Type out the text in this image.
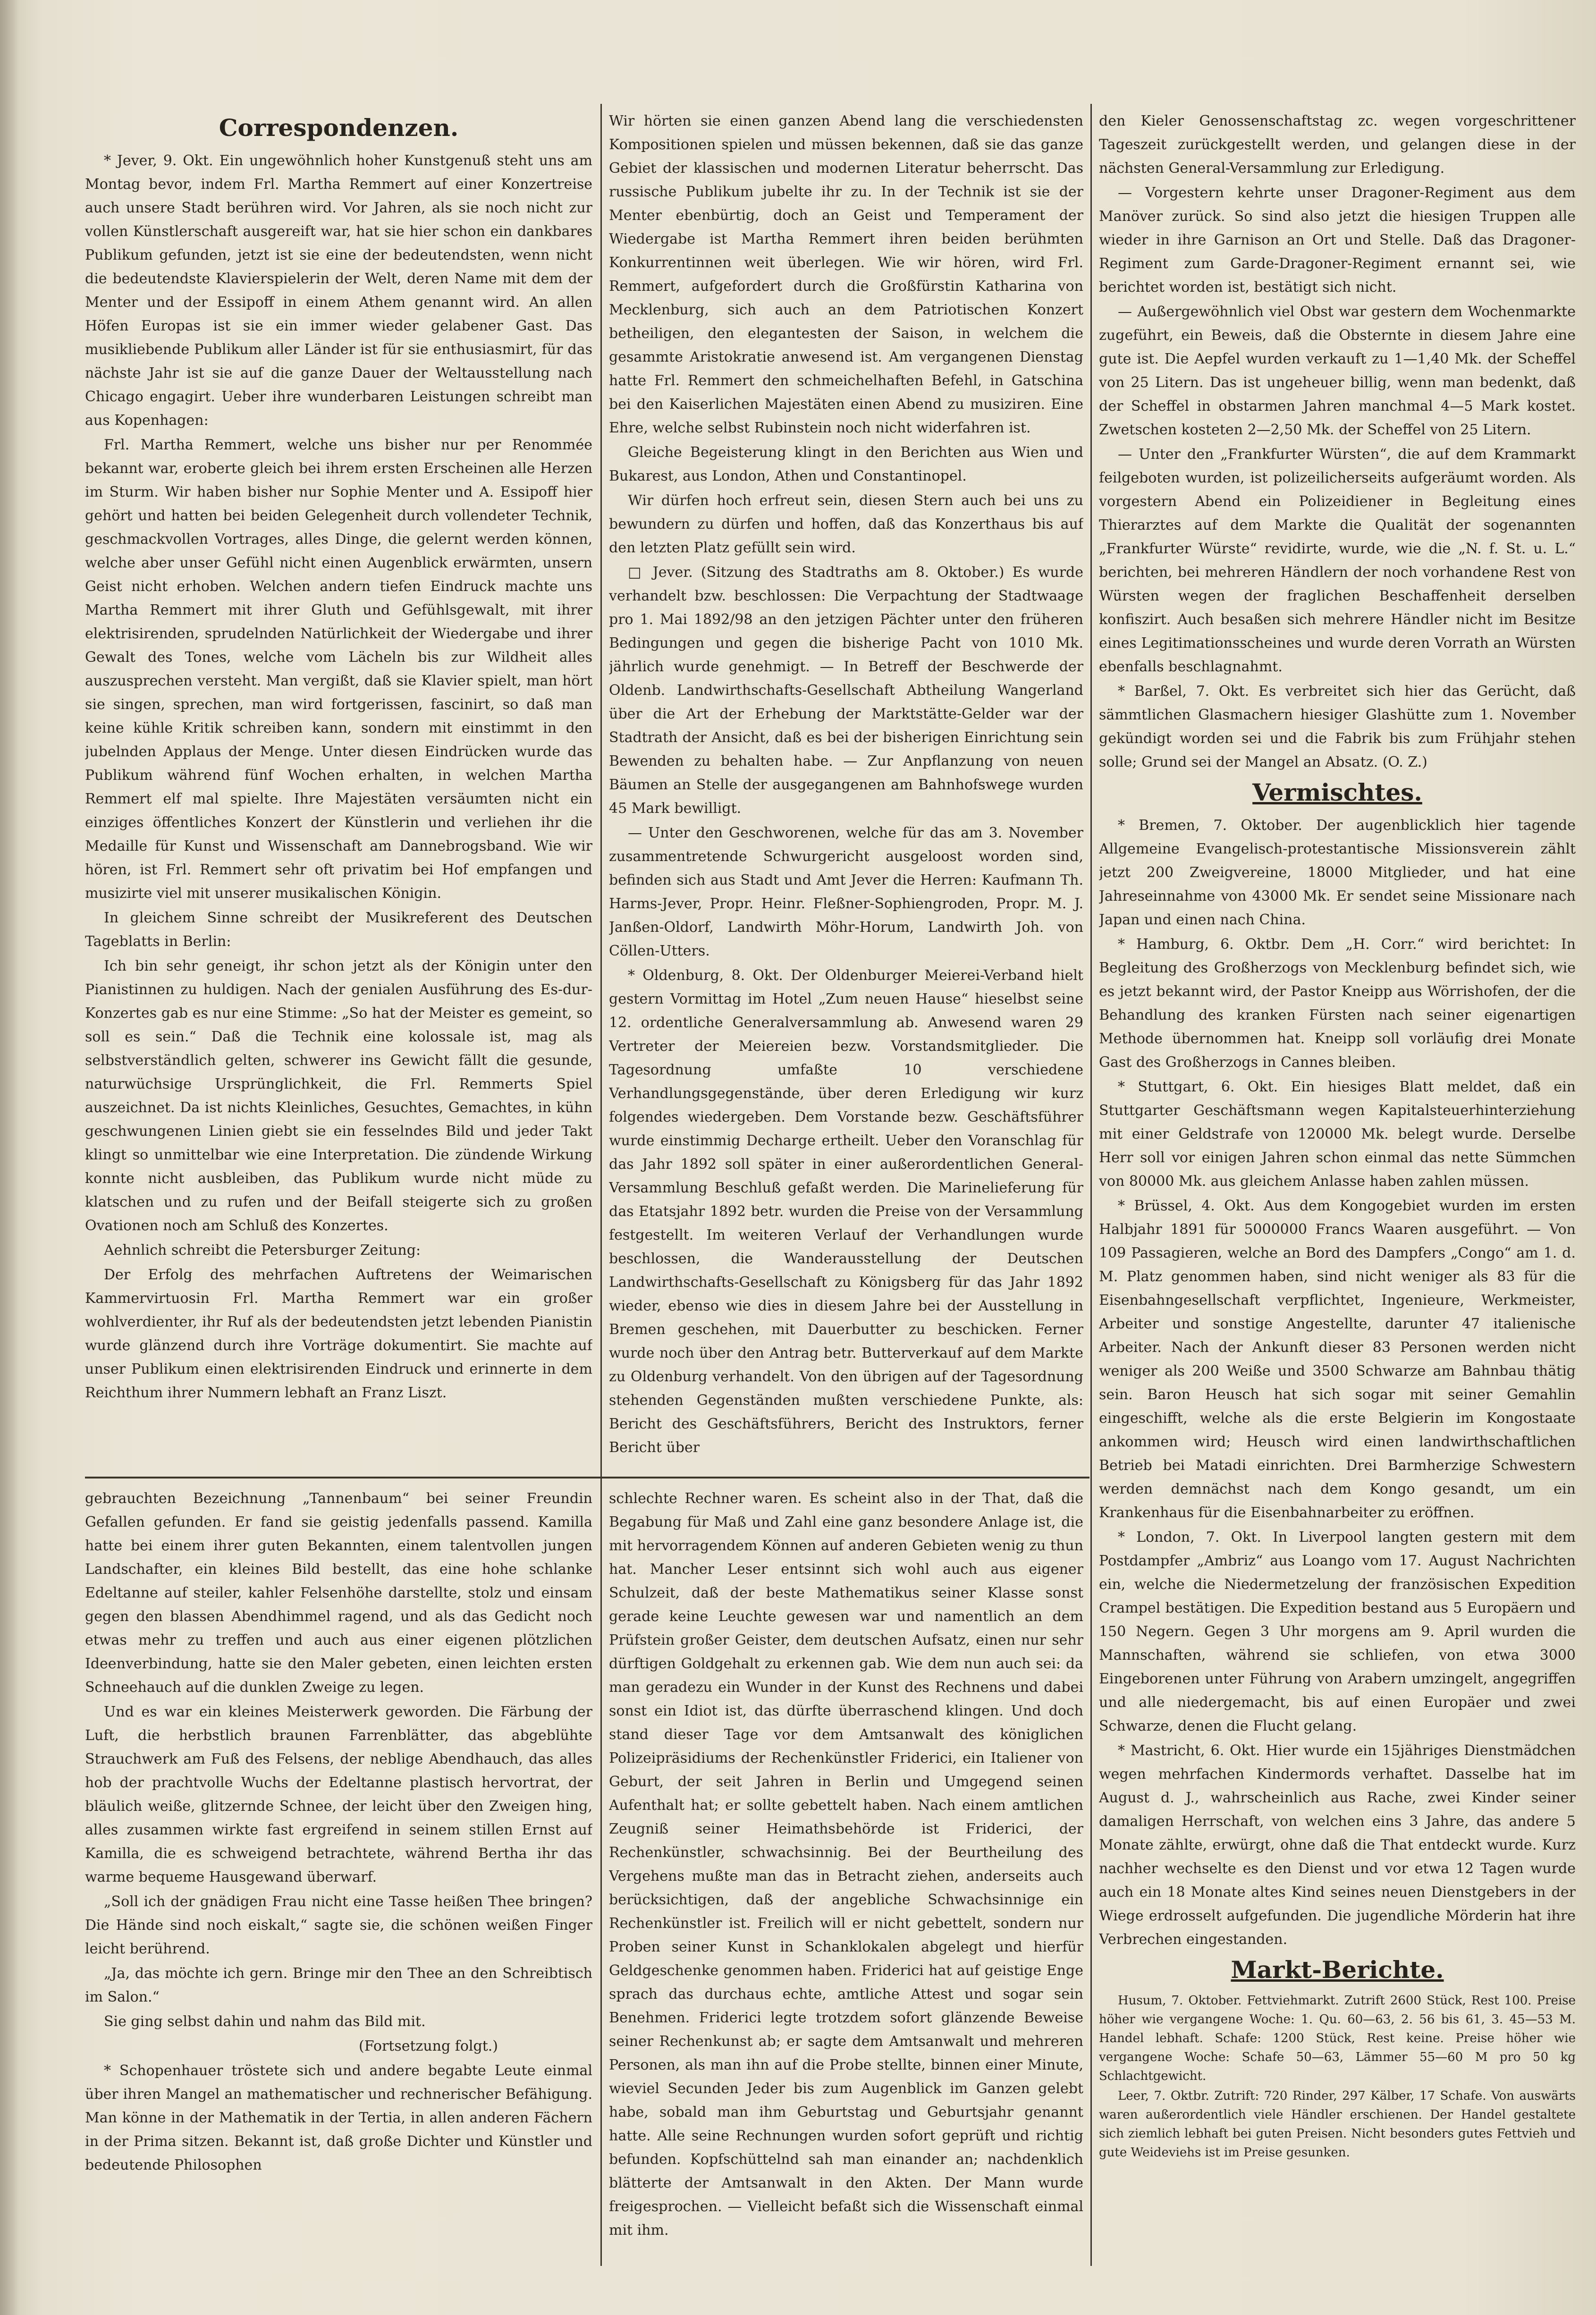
Correspondenzen.

* Jever, 9. Okt. Ein ungewöhnlich hoher Kunstgenuß steht uns am Montag bevor, indem Frl. Martha Remmert auf einer Konzertreise auch unsere Stadt berühren wird. Vor Jahren, als sie noch nicht zur vollen Künstlerschaft ausgereift war, hat sie hier schon ein dankbares Publikum gefunden, jetzt ist sie eine der bedeutendsten, wenn nicht die bedeutendste Klavierspielerin der Welt, deren Name mit dem der Menter und der Essipoff in einem Athem genannt wird. An allen Höfen Europas ist sie ein immer wieder gelabener Gast. Das musikliebende Publikum aller Länder ist für sie enthusiasmirt, für das nächste Jahr ist sie auf die ganze Dauer der Weltausstellung nach Chicago engagirt. Ueber ihre wunderbaren Leistungen schreibt man aus Kopenhagen:

Frl. Martha Remmert, welche uns bisher nur per Renommée bekannt war, eroberte gleich bei ihrem ersten Erscheinen alle Herzen im Sturm. Wir haben bisher nur Sophie Menter und A. Essipoff hier gehört und hatten bei beiden Gelegenheit durch vollendeter Technik, geschmackvollen Vortrages, alles Dinge, die gelernt werden können, welche aber unser Gefühl nicht einen Augenblick erwärmten, unsern Geist nicht erhoben. Welchen andern tiefen Eindruck machte uns Martha Remmert mit ihrer Gluth und Gefühlsgewalt, mit ihrer elektrisirenden, sprudelnden Natürlichkeit der Wiedergabe und ihrer Gewalt des Tones, welche vom Lächeln bis zur Wildheit alles auszusprechen versteht. Man vergißt, daß sie Klavier spielt, man hört sie singen, sprechen, man wird fortgerissen, fascinirt, so daß man keine kühle Kritik schreiben kann, sondern mit einstimmt in den jubelnden Applaus der Menge. Unter diesen Eindrücken wurde das Publikum während fünf Wochen erhalten, in welchen Martha Remmert elf mal spielte. Ihre Majestäten versäumten nicht ein einziges öffentliches Konzert der Künstlerin und verliehen ihr die Medaille für Kunst und Wissenschaft am Dannebrogsband. Wie wir hören, ist Frl. Remmert sehr oft privatim bei Hof empfangen und musizirte viel mit unserer musikalischen Königin.

In gleichem Sinne schreibt der Musikreferent des Deutschen Tageblatts in Berlin:

Ich bin sehr geneigt, ihr schon jetzt als der Königin unter den Pianistinnen zu huldigen. Nach der genialen Ausführung des Es-dur-Konzertes gab es nur eine Stimme: „So hat der Meister es gemeint, so soll es sein.“ Daß die Technik eine kolossale ist, mag als selbstverständlich gelten, schwerer ins Gewicht fällt die gesunde, naturwüchsige Ursprünglichkeit, die Frl. Remmerts Spiel auszeichnet. Da ist nichts Kleinliches, Gesuchtes, Gemachtes, in kühn geschwungenen Linien giebt sie ein fesselndes Bild und jeder Takt klingt so unmittelbar wie eine Interpretation. Die zündende Wirkung konnte nicht ausbleiben, das Publikum wurde nicht müde zu klatschen und zu rufen und der Beifall steigerte sich zu großen Ovationen noch am Schluß des Konzertes.

Aehnlich schreibt die Petersburger Zeitung:

Der Erfolg des mehrfachen Auftretens der Weimarischen Kammervirtuosin Frl. Martha Remmert war ein großer wohlverdienter, ihr Ruf als der bedeutendsten jetzt lebenden Pianistin wurde glänzend durch ihre Vorträge dokumentirt. Sie machte auf unser Publikum einen elektrisirenden Eindruck und erinnerte in dem Reichthum ihrer Nummern lebhaft an Franz Liszt.

Wir hörten sie einen ganzen Abend lang die verschiedensten Kompositionen spielen und müssen bekennen, daß sie das ganze Gebiet der klassischen und modernen Literatur beherrscht. Das russische Publikum jubelte ihr zu. In der Technik ist sie der Menter ebenbürtig, doch an Geist und Temperament der Wiedergabe ist Martha Remmert ihren beiden berühmten Konkurrentinnen weit überlegen. Wie wir hören, wird Frl. Remmert, aufgefordert durch die Großfürstin Katharina von Mecklenburg, sich auch an dem Patriotischen Konzert betheiligen, den elegantesten der Saison, in welchem die gesammte Aristokratie anwesend ist. Am vergangenen Dienstag hatte Frl. Remmert den schmeichelhaften Befehl, in Gatschina bei den Kaiserlichen Majestäten einen Abend zu musiziren. Eine Ehre, welche selbst Rubinstein noch nicht widerfahren ist.

Gleiche Begeisterung klingt in den Berichten aus Wien und Bukarest, aus London, Athen und Constantinopel.

Wir dürfen hoch erfreut sein, diesen Stern auch bei uns zu bewundern zu dürfen und hoffen, daß das Konzerthaus bis auf den letzten Platz gefüllt sein wird.

□ Jever. (Sitzung des Stadtraths am 8. Oktober.) Es wurde verhandelt bzw. beschlossen: Die Verpachtung der Stadtwaage pro 1. Mai 1892/98 an den jetzigen Pächter unter den früheren Bedingungen und gegen die bisherige Pacht von 1010 Mk. jährlich wurde genehmigt. — In Betreff der Beschwerde der Oldenb. Landwirthschafts-Gesellschaft Abtheilung Wangerland über die Art der Erhebung der Marktstätte-Gelder war der Stadtrath der Ansicht, daß es bei der bisherigen Einrichtung sein Bewenden zu behalten habe. — Zur Anpflanzung von neuen Bäumen an Stelle der ausgegangenen am Bahnhofswege wurden 45 Mark bewilligt.

— Unter den Geschworenen, welche für das am 3. November zusammentretende Schwurgericht ausgeloost worden sind, befinden sich aus Stadt und Amt Jever die Herren: Kaufmann Th. Harms-Jever, Propr. Heinr. Fleßner-Sophiengroden, Propr. M. J. Janßen-Oldorf, Landwirth Möhr-Horum, Landwirth Joh. von Cöllen-Utters.

* Oldenburg, 8. Okt. Der Oldenburger Meierei-Verband hielt gestern Vormittag im Hotel „Zum neuen Hause“ hieselbst seine 12. ordentliche Generalversammlung ab. Anwesend waren 29 Vertreter der Meiereien bezw. Vorstandsmitglieder. Die Tagesordnung umfaßte 10 verschiedene Verhandlungsgegenstände, über deren Erledigung wir kurz folgendes wiedergeben. Dem Vorstande bezw. Geschäftsführer wurde einstimmig Decharge ertheilt. Ueber den Voranschlag für das Jahr 1892 soll später in einer außerordentlichen General-Versammlung Beschluß gefaßt werden. Die Marinelieferung für das Etatsjahr 1892 betr. wurden die Preise von der Versammlung festgestellt. Im weiteren Verlauf der Verhandlungen wurde beschlossen, die Wanderausstellung der Deutschen Landwirthschafts-Gesellschaft zu Königsberg für das Jahr 1892 wieder, ebenso wie dies in diesem Jahre bei der Ausstellung in Bremen geschehen, mit Dauerbutter zu beschicken. Ferner wurde noch über den Antrag betr. Butterverkauf auf dem Markte zu Oldenburg verhandelt. Von den übrigen auf der Tagesordnung stehenden Gegenständen mußten verschiedene Punkte, als: Bericht des Geschäftsführers, Bericht des Instruktors, ferner Bericht über

den Kieler Genossenschaftstag zc. wegen vorgeschrittener Tageszeit zurückgestellt werden, und gelangen diese in der nächsten General-Versammlung zur Erledigung.

— Vorgestern kehrte unser Dragoner-Regiment aus dem Manöver zurück. So sind also jetzt die hiesigen Truppen alle wieder in ihre Garnison an Ort und Stelle. Daß das Dragoner-Regiment zum Garde-Dragoner-Regiment ernannt sei, wie berichtet worden ist, bestätigt sich nicht.

— Außergewöhnlich viel Obst war gestern dem Wochenmarkte zugeführt, ein Beweis, daß die Obsternte in diesem Jahre eine gute ist. Die Aepfel wurden verkauft zu 1—1,40 Mk. der Scheffel von 25 Litern. Das ist ungeheuer billig, wenn man bedenkt, daß der Scheffel in obstarmen Jahren manchmal 4—5 Mark kostet. Zwetschen kosteten 2—2,50 Mk. der Scheffel von 25 Litern.

— Unter den „Frankfurter Würsten“, die auf dem Krammarkt feilgeboten wurden, ist polizeilicherseits aufgeräumt worden. Als vorgestern Abend ein Polizeidiener in Begleitung eines Thierarztes auf dem Markte die Qualität der sogenannten „Frankfurter Würste“ revidirte, wurde, wie die „N. f. St. u. L.“ berichten, bei mehreren Händlern der noch vorhandene Rest von Würsten wegen der fraglichen Beschaffenheit derselben konfiszirt. Auch besaßen sich mehrere Händler nicht im Besitze eines Legitimationsscheines und wurde deren Vorrath an Würsten ebenfalls beschlagnahmt.

* Barßel, 7. Okt. Es verbreitet sich hier das Gerücht, daß sämmtlichen Glasmachern hiesiger Glashütte zum 1. November gekündigt worden sei und die Fabrik bis zum Frühjahr stehen solle; Grund sei der Mangel an Absatz. (O. Z.)

Vermischtes.

* Bremen, 7. Oktober. Der augenblicklich hier tagende Allgemeine Evangelisch-protestantische Missionsverein zählt jetzt 200 Zweigvereine, 18000 Mitglieder, und hat eine Jahreseinnahme von 43000 Mk. Er sendet seine Missionare nach Japan und einen nach China.

* Hamburg, 6. Oktbr. Dem „H. Corr.“ wird berichtet: In Begleitung des Großherzogs von Mecklenburg befindet sich, wie es jetzt bekannt wird, der Pastor Kneipp aus Wörrishofen, der die Behandlung des kranken Fürsten nach seiner eigenartigen Methode übernommen hat. Kneipp soll vorläufig drei Monate Gast des Großherzogs in Cannes bleiben.

* Stuttgart, 6. Okt. Ein hiesiges Blatt meldet, daß ein Stuttgarter Geschäftsmann wegen Kapitalsteuerhinterziehung mit einer Geldstrafe von 120000 Mk. belegt wurde. Derselbe Herr soll vor einigen Jahren schon einmal das nette Sümmchen von 80000 Mk. aus gleichem Anlasse haben zahlen müssen.

* Brüssel, 4. Okt. Aus dem Kongogebiet wurden im ersten Halbjahr 1891 für 5000000 Francs Waaren ausgeführt. — Von 109 Passagieren, welche an Bord des Dampfers „Congo“ am 1. d. M. Platz genommen haben, sind nicht weniger als 83 für die Eisenbahngesellschaft verpflichtet, Ingenieure, Werkmeister, Arbeiter und sonstige Angestellte, darunter 47 italienische Arbeiter. Nach der Ankunft dieser 83 Personen werden nicht weniger als 200 Weiße und 3500 Schwarze am Bahnbau thätig sein. Baron Heusch hat sich sogar mit seiner Gemahlin eingeschifft, welche als die erste Belgierin im Kongostaate ankommen wird; Heusch wird einen landwirthschaftlichen Betrieb bei Matadi einrichten. Drei Barmherzige Schwestern werden demnächst nach dem Kongo gesandt, um ein Krankenhaus für die Eisenbahnarbeiter zu eröffnen.

* London, 7. Okt. In Liverpool langten gestern mit dem Postdampfer „Ambriz“ aus Loango vom 17. August Nachrichten ein, welche die Niedermetzelung der französischen Expedition Crampel bestätigen. Die Expedition bestand aus 5 Europäern und 150 Negern. Gegen 3 Uhr morgens am 9. April wurden die Mannschaften, während sie schliefen, von etwa 3000 Eingeborenen unter Führung von Arabern umzingelt, angegriffen und alle niedergemacht, bis auf einen Europäer und zwei Schwarze, denen die Flucht gelang.

* Mastricht, 6. Okt. Hier wurde ein 15jähriges Dienstmädchen wegen mehrfachen Kindermords verhaftet. Dasselbe hat im August d. J., wahrscheinlich aus Rache, zwei Kinder seiner damaligen Herrschaft, von welchen eins 3 Jahre, das andere 5 Monate zählte, erwürgt, ohne daß die That entdeckt wurde. Kurz nachher wechselte es den Dienst und vor etwa 12 Tagen wurde auch ein 18 Monate altes Kind seines neuen Dienstgebers in der Wiege erdrosselt aufgefunden. Die jugendliche Mörderin hat ihre Verbrechen eingestanden.

Markt-Berichte.

Husum, 7. Oktober. Fettviehmarkt. Zutrift 2600 Stück, Rest 100. Preise höher wie vergangene Woche: 1. Qu. 60—63, 2. 56 bis 61, 3. 45—53 M. Handel lebhaft. Schafe: 1200 Stück, Rest keine. Preise höher wie vergangene Woche: Schafe 50—63, Lämmer 55—60 M pro 50 kg Schlachtgewicht.

Leer, 7. Oktbr. Zutrift: 720 Rinder, 297 Kälber, 17 Schafe. Von auswärts waren außerordentlich viele Händler erschienen. Der Handel gestaltete sich ziemlich lebhaft bei guten Preisen. Nicht besonders gutes Fettvieh und gute Weideviehs ist im Preise gesunken.

gebrauchten Bezeichnung „Tannenbaum“ bei seiner Freundin Gefallen gefunden. Er fand sie geistig jedenfalls passend. Kamilla hatte bei einem ihrer guten Bekannten, einem talentvollen jungen Landschafter, ein kleines Bild bestellt, das eine hohe schlanke Edeltanne auf steiler, kahler Felsenhöhe darstellte, stolz und einsam gegen den blassen Abendhimmel ragend, und als das Gedicht noch etwas mehr zu treffen und auch aus einer eigenen plötzlichen Ideenverbindung, hatte sie den Maler gebeten, einen leichten ersten Schneehauch auf die dunklen Zweige zu legen.

Und es war ein kleines Meisterwerk geworden. Die Färbung der Luft, die herbstlich braunen Farrenblätter, das abgeblühte Strauchwerk am Fuß des Felsens, der neblige Abendhauch, das alles hob der prachtvolle Wuchs der Edeltanne plastisch hervortrat, der bläulich weiße, glitzernde Schnee, der leicht über den Zweigen hing, alles zusammen wirkte fast ergreifend in seinem stillen Ernst auf Kamilla, die es schweigend betrachtete, während Bertha ihr das warme bequeme Hausgewand überwarf.

„Soll ich der gnädigen Frau nicht eine Tasse heißen Thee bringen? Die Hände sind noch eiskalt,“ sagte sie, die schönen weißen Finger leicht berührend.

„Ja, das möchte ich gern. Bringe mir den Thee an den Schreibtisch im Salon.“

Sie ging selbst dahin und nahm das Bild mit.

(Fortsetzung folgt.)

* Schopenhauer tröstete sich und andere begabte Leute einmal über ihren Mangel an mathematischer und rechnerischer Befähigung. Man könne in der Mathematik in der Tertia, in allen anderen Fächern in der Prima sitzen. Bekannt ist, daß große Dichter und Künstler und bedeutende Philosophen

schlechte Rechner waren. Es scheint also in der That, daß die Begabung für Maß und Zahl eine ganz besondere Anlage ist, die mit hervorragendem Können auf anderen Gebieten wenig zu thun hat. Mancher Leser entsinnt sich wohl auch aus eigener Schulzeit, daß der beste Mathematikus seiner Klasse sonst gerade keine Leuchte gewesen war und namentlich an dem Prüfstein großer Geister, dem deutschen Aufsatz, einen nur sehr dürftigen Goldgehalt zu erkennen gab. Wie dem nun auch sei: da man geradezu ein Wunder in der Kunst des Rechnens und dabei sonst ein Idiot ist, das dürfte überraschend klingen. Und doch stand dieser Tage vor dem Amtsanwalt des königlichen Polizeipräsidiums der Rechenkünstler Friderici, ein Italiener von Geburt, der seit Jahren in Berlin und Umgegend seinen Aufenthalt hat; er sollte gebettelt haben. Nach einem amtlichen Zeugniß seiner Heimathsbehörde ist Friderici, der Rechenkünstler, schwachsinnig. Bei der Beurtheilung des Vergehens mußte man das in Betracht ziehen, anderseits auch berücksichtigen, daß der angebliche Schwachsinnige ein Rechenkünstler ist. Freilich will er nicht gebettelt, sondern nur Proben seiner Kunst in Schanklokalen abgelegt und hierfür Geldgeschenke genommen haben. Friderici hat auf geistige Enge sprach das durchaus echte, amtliche Attest und sogar sein Benehmen. Friderici legte trotzdem sofort glänzende Beweise seiner Rechenkunst ab; er sagte dem Amtsanwalt und mehreren Personen, als man ihn auf die Probe stellte, binnen einer Minute, wieviel Secunden Jeder bis zum Augenblick im Ganzen gelebt habe, sobald man ihm Geburtstag und Geburtsjahr genannt hatte. Alle seine Rechnungen wurden sofort geprüft und richtig befunden. Kopfschüttelnd sah man einander an; nachdenklich blätterte der Amtsanwalt in den Akten. Der Mann wurde freigesprochen. — Vielleicht befaßt sich die Wissenschaft einmal mit ihm.
